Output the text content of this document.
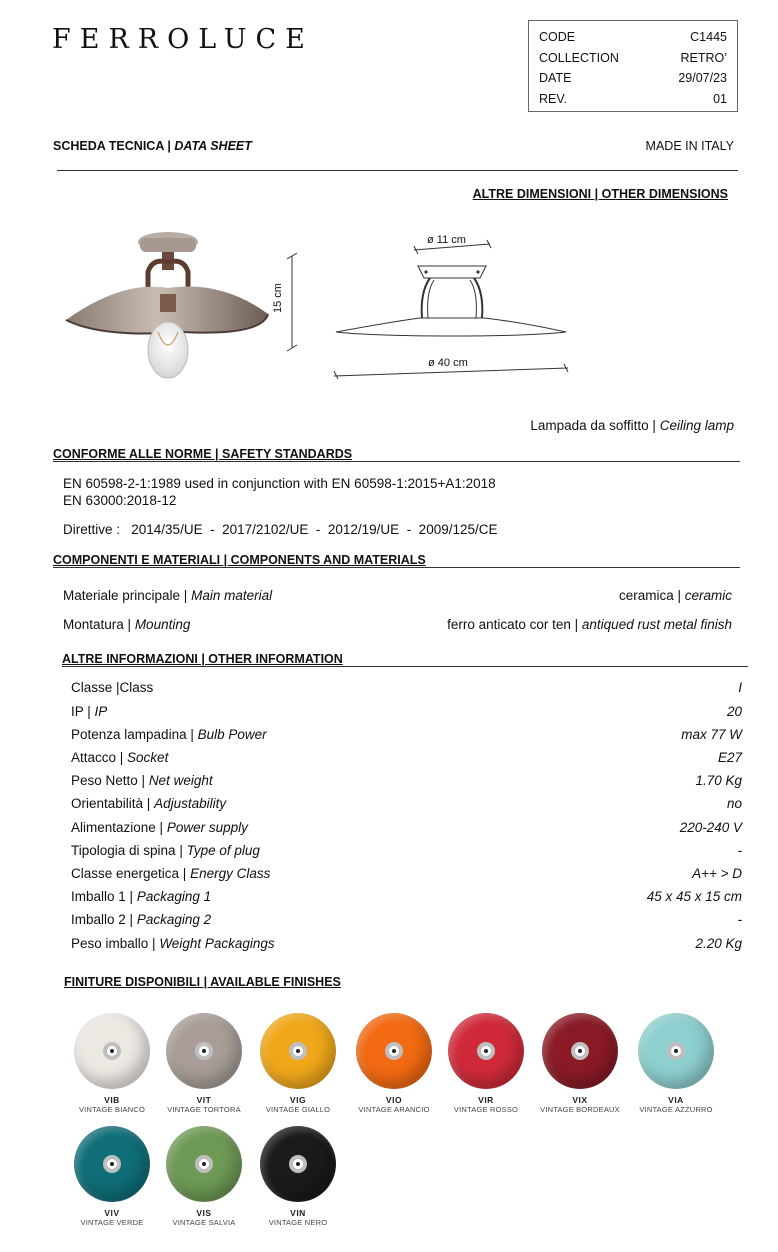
FERROLUCE	CODE	C1445
COLLECTION	RETRO’
DATE	29/07/23
REV.	01
SCHEDA TECNICA | DATA SHEET	MADE IN ITALY
ALTRE DIMENSIONI | OTHER DIMENSIONS
15 cm
ø 11 cm
ø 40 cm
Lampada da soffitto | Ceiling lamp
CONFORME ALLE NORME | SAFETY STANDARDS
EN 60598-2-1:1989 used in conjunction with EN 60598-1:2015+A1:2018
EN 63000:2018-12
Direttive :   2014/35/UE  -  2017/2102/UE  -  2012/19/UE  -  2009/125/CE
COMPONENTI E MATERIALI | COMPONENTS AND MATERIALS
Materiale principale | Main material	ceramica | ceramic
Montatura | Mounting	ferro anticato cor ten | antiqued rust metal finish
ALTRE INFORMAZIONI | OTHER INFORMATION
Classe |Class	I
IP | IP	20
Potenza lampadina | Bulb Power	max 77 W
Attacco | Socket	E27
Peso Netto | Net weight	1.70 Kg
Orientabilità | Adjustability	no
Alimentazione | Power supply	220-240 V
Tipologia di spina | Type of plug	-
Classe energetica | Energy Class	A++ > D
Imballo 1 | Packaging 1	45 x 45 x 15 cm
Imballo 2 | Packaging 2	-
Peso imballo | Weight Packagings	2.20 Kg
FINITURE DISPONIBILI | AVAILABLE FINISHES
VIB
VINTAGE BIANCO
VIT
VINTAGE TORTORA
VIG
VINTAGE GIALLO
VIO
VINTAGE ARANCIO
VIR
VINTAGE ROSSO
VIX
VINTAGE BORDEAUX
VIA
VINTAGE AZZURRO
VIV
VINTAGE VERDE
VIS
VINTAGE SALVIA
VIN
VINTAGE NERO
